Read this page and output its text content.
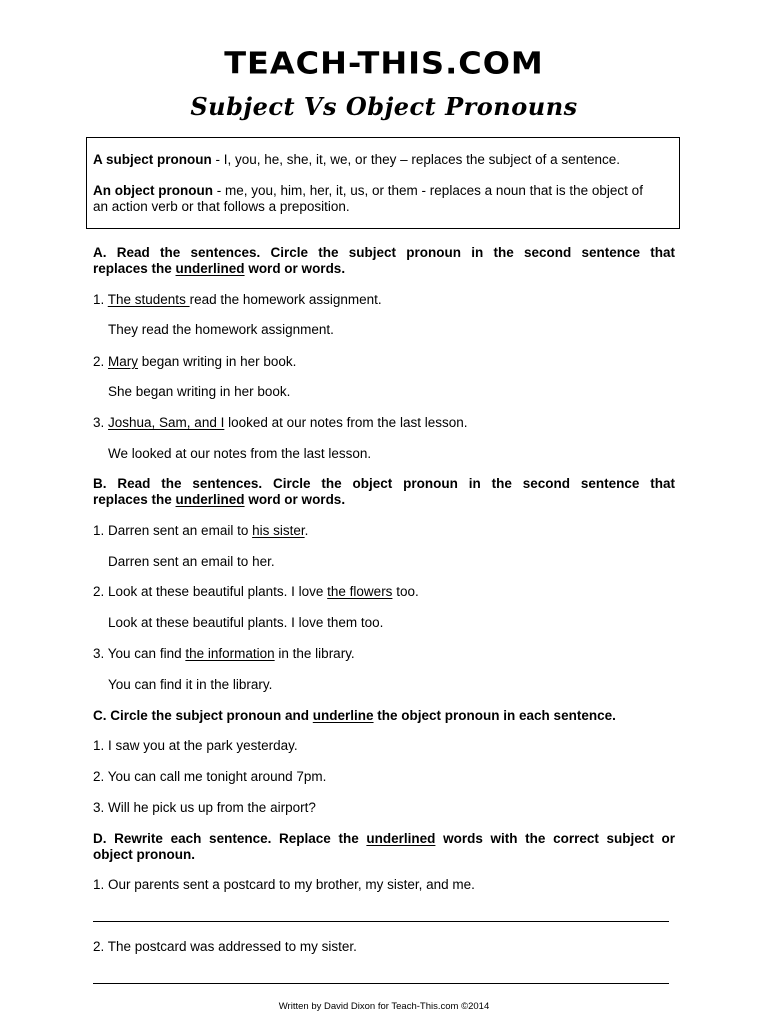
TEACH-THIS.COM
Subject Vs Object Pronouns
A subject pronoun - I, you, he, she, it, we, or they – replaces the subject of a sentence.
An object pronoun - me, you, him, her, it, us, or them - replaces a noun that is the object of
an action verb or that follows a preposition.
A. Read the sentences. Circle the subject pronoun in the second sentence that
replaces the underlined word or words.
1. The students read the homework assignment.
They read the homework assignment.
2. Mary began writing in her book.
She began writing in her book.
3. Joshua, Sam, and I looked at our notes from the last lesson.
We looked at our notes from the last lesson.
B. Read the sentences. Circle the object pronoun in the second sentence that
replaces the underlined word or words.
1. Darren sent an email to his sister.
Darren sent an email to her.
2. Look at these beautiful plants. I love the flowers too.
Look at these beautiful plants. I love them too.
3. You can find the information in the library.
You can find it in the library.
C. Circle the subject pronoun and underline the object pronoun in each sentence.
1. I saw you at the park yesterday.
2. You can call me tonight around 7pm.
3. Will he pick us up from the airport?
D. Rewrite each sentence. Replace the underlined words with the correct subject or
object pronoun.
1. Our parents sent a postcard to my brother, my sister, and me.
2. The postcard was addressed to my sister.
Written by David Dixon for Teach-This.com ©2014
